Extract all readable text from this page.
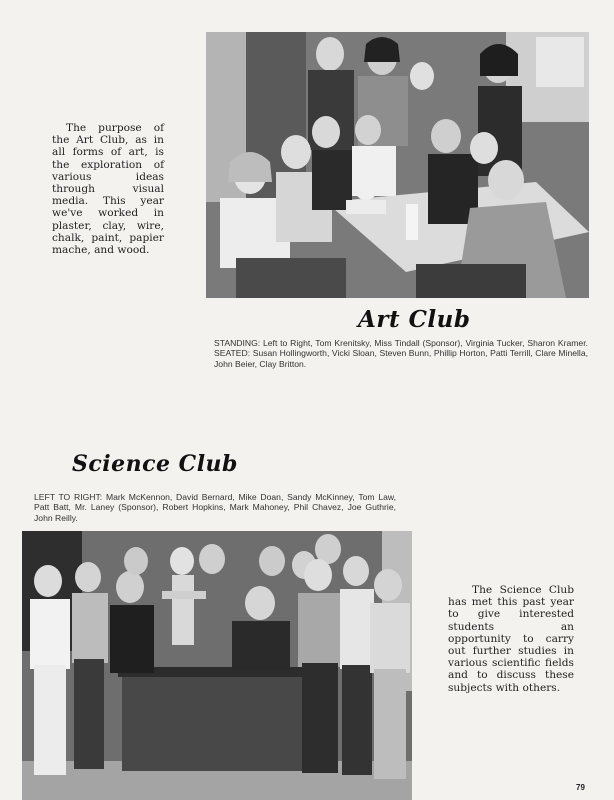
The purpose of the Art Club, as in all forms of art, is the exploration of various ideas through visual media. This year we've worked in plaster, clay, wire, chalk, paint, papier mache, and wood.
Art Club
STANDING: Left to Right, Tom Krenitsky, Miss Tindall (Sponsor), Virginia Tucker, Sharon Kramer. SEATED: Susan Hollingworth, Vicki Sloan, Steven Bunn, Phillip Horton, Patti Terrill, Clare Minella, John Beier, Clay Britton.
Science Club
LEFT TO RIGHT: Mark McKennon, David Bernard, Mike Doan, Sandy McKinney, Tom Law, Patt Batt, Mr. Laney (Sponsor), Robert Hopkins, Mark Mahoney, Phil Chavez, Joe Guthrie, John Reilly.
The Science Club has met this past year to give interested students an opportunity to carry out further studies in various scientific fields and to discuss these subjects with others.
79
